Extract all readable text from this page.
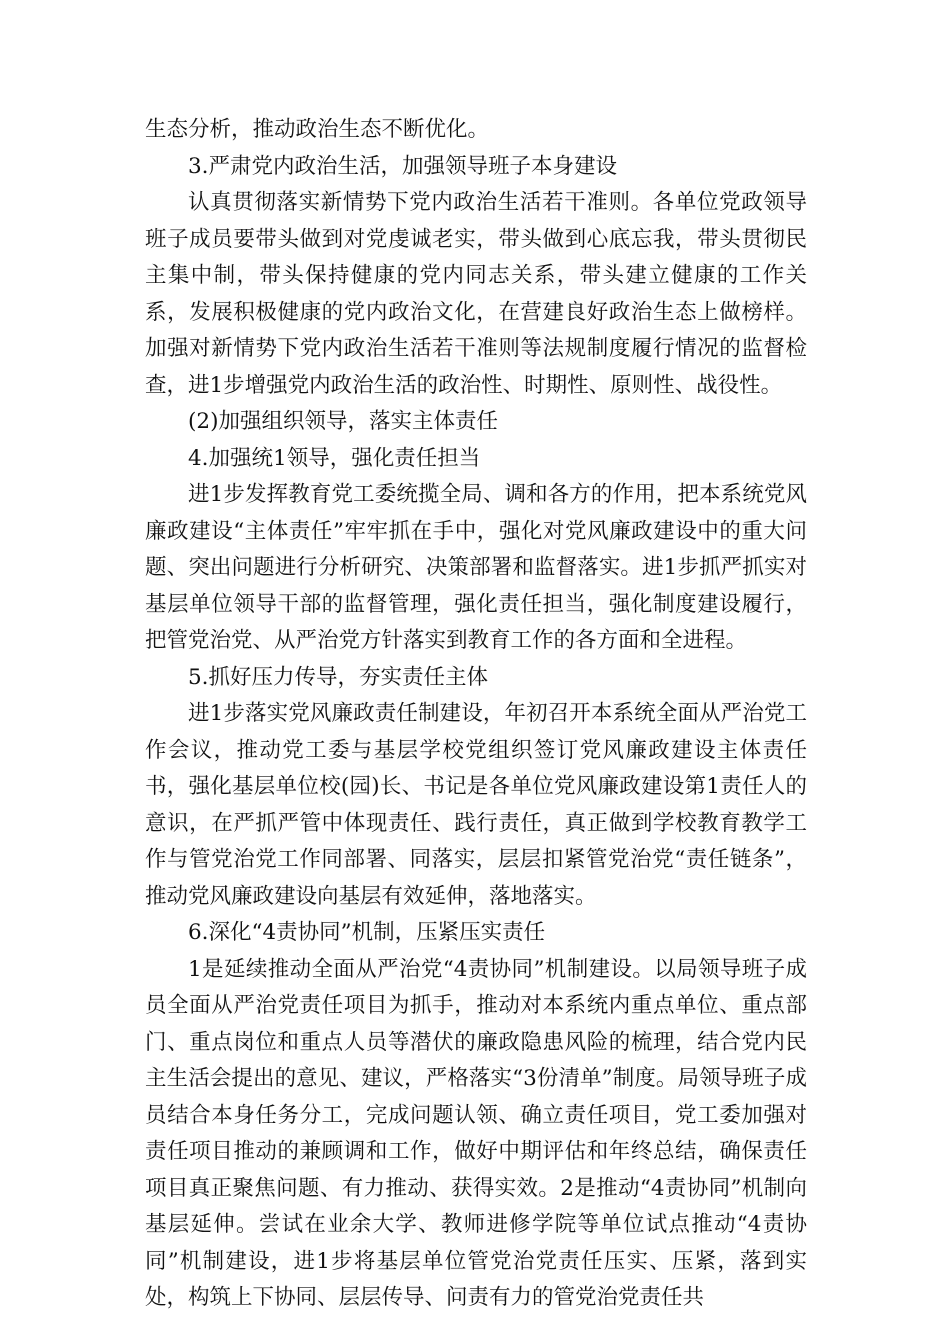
生态分析，推动政治生态不断优化。

3.严肃党内政治生活，加强领导班子本身建设

认真贯彻落实新情势下党内政治生活若干准则。各单位党政领导班子成员要带头做到对党虔诚老实，带头做到心底忘我，带头贯彻民主集中制，带头保持健康的党内同志关系，带头建立健康的工作关系，发展积极健康的党内政治文化，在营建良好政治生态上做榜样。加强对新情势下党内政治生活若干准则等法规制度履行情况的监督检查，进1步增强党内政治生活的政治性、时期性、原则性、战役性。

(2)加强组织领导，落实主体责任

4.加强统1领导，强化责任担当

进1步发挥教育党工委统揽全局、调和各方的作用，把本系统党风廉政建设“主体责任”牢牢抓在手中，强化对党风廉政建设中的重大问题、突出问题进行分析研究、决策部署和监督落实。进1步抓严抓实对基层单位领导干部的监督管理，强化责任担当，强化制度建设履行，把管党治党、从严治党方针落实到教育工作的各方面和全进程。

5.抓好压力传导，夯实责任主体

进1步落实党风廉政责任制建设，年初召开本系统全面从严治党工作会议，推动党工委与基层学校党组织签订党风廉政建设主体责任书，强化基层单位校(园)长、书记是各单位党风廉政建设第1责任人的意识，在严抓严管中体现责任、践行责任，真正做到学校教育教学工作与管党治党工作同部署、同落实，层层扣紧管党治党“责任链条”，推动党风廉政建设向基层有效延伸，落地落实。

6.深化“4责协同”机制，压紧压实责任

1是延续推动全面从严治党“4责协同”机制建设。以局领导班子成员全面从严治党责任项目为抓手，推动对本系统内重点单位、重点部门、重点岗位和重点人员等潜伏的廉政隐患风险的梳理，结合党内民主生活会提出的意见、建议，严格落实“3份清单”制度。局领导班子成员结合本身任务分工，完成问题认领、确立责任项目，党工委加强对责任项目推动的兼顾调和工作，做好中期评估和年终总结，确保责任项目真正聚焦问题、有力推动、获得实效。2是推动“4责协同”机制向基层延伸。尝试在业余大学、教师进修学院等单位试点推动“4责协同”机制建设，进1步将基层单位管党治党责任压实、压紧，落到实处，构筑上下协同、层层传导、问责有力的管党治党责任共
